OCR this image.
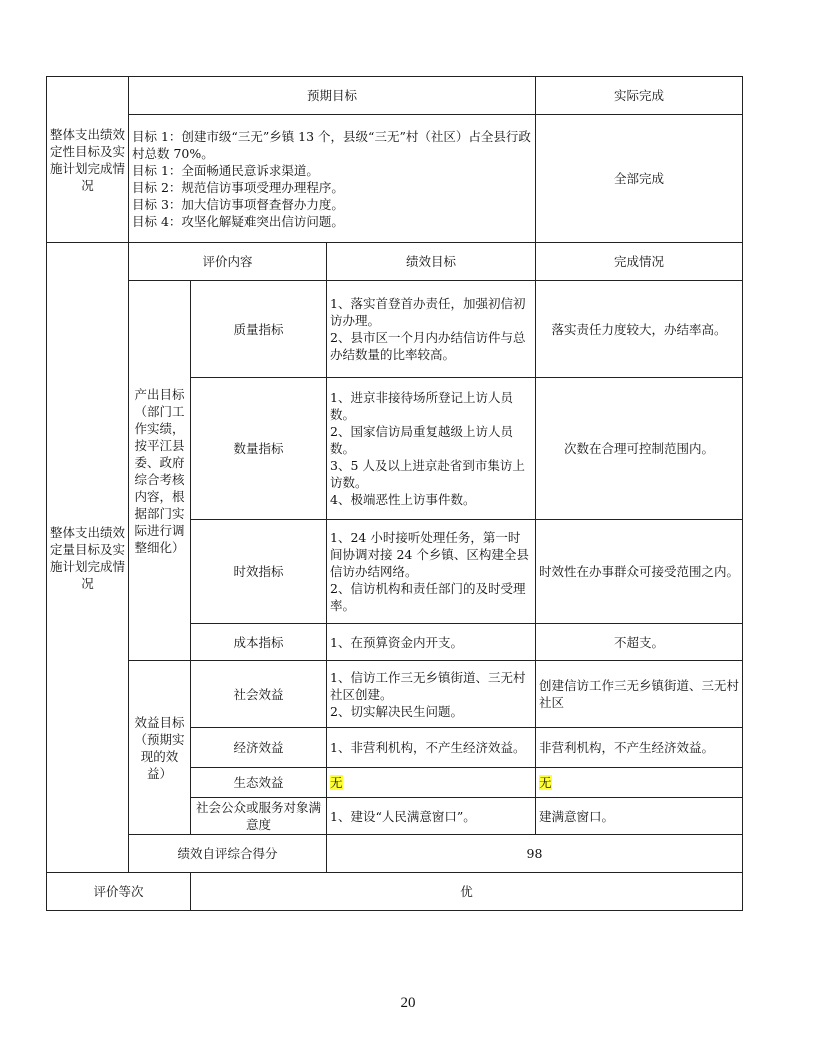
整体支出绩效定性目标及实施计划完成情况	预期目标			实际完成

	目标 1：创建市级“三无”乡镇 13 个，县级“三无”村（社区）占全县行政村总数 70%。
目标 1：全面畅通民意诉求渠道。
目标 2：规范信访事项受理办理程序。
目标 3：加大信访事项督查督办力度。
目标 4：攻坚化解疑难突出信访问题。			全部完成
整体支出绩效定量目标及实施计划完成情况	评价内容		绩效目标	完成情况
	产出目标（部门工作实绩，按平江县委、政府综合考核内容，根据部门实际进行调整细化）	质量指标	1、落实首登首办责任，加强初信初访办理。
2、县市区一个月内办结信访件与总办结数量的比率较高。	落实责任力度较大，办结率高。
		数量指标	1、进京非接待场所登记上访人员数。
2、国家信访局重复越级上访人员数。
3、5 人及以上进京赴省到市集访上访数。
4、极端恶性上访事件数。	次数在合理可控制范围内。
		时效指标	1、24 小时接听处理任务，第一时间协调对接 24 个乡镇、区构建全县信访办结网络。
2、信访机构和责任部门的及时受理率。	时效性在办事群众可接受范围之内。
		成本指标	1、在预算资金内开支。	不超支。
	效益目标（预期实现的效益）	社会效益	1、信访工作三无乡镇街道、三无村社区创建。
2、切实解决民生问题。	创建信访工作三无乡镇街道、三无村社区
		经济效益	1、非营利机构，不产生经济效益。	非营利机构，不产生经济效益。
		生态效益	无	无
		社会公众或服务对象满意度	1、建设“人民满意窗口”。	建满意窗口。
	绩效自评综合得分		98	
评价等次		优		
20
